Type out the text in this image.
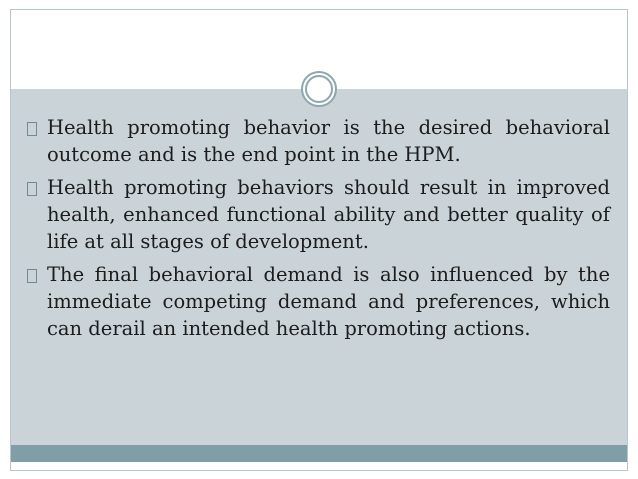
Health promoting behavior is the desired behavioral outcome and is the end point in the HPM.
Health promoting behaviors should result in improved health, enhanced functional ability and better quality of life at all stages of development.
The final behavioral demand is also influenced by the immediate competing demand and preferences, which can derail an intended health promoting actions.
